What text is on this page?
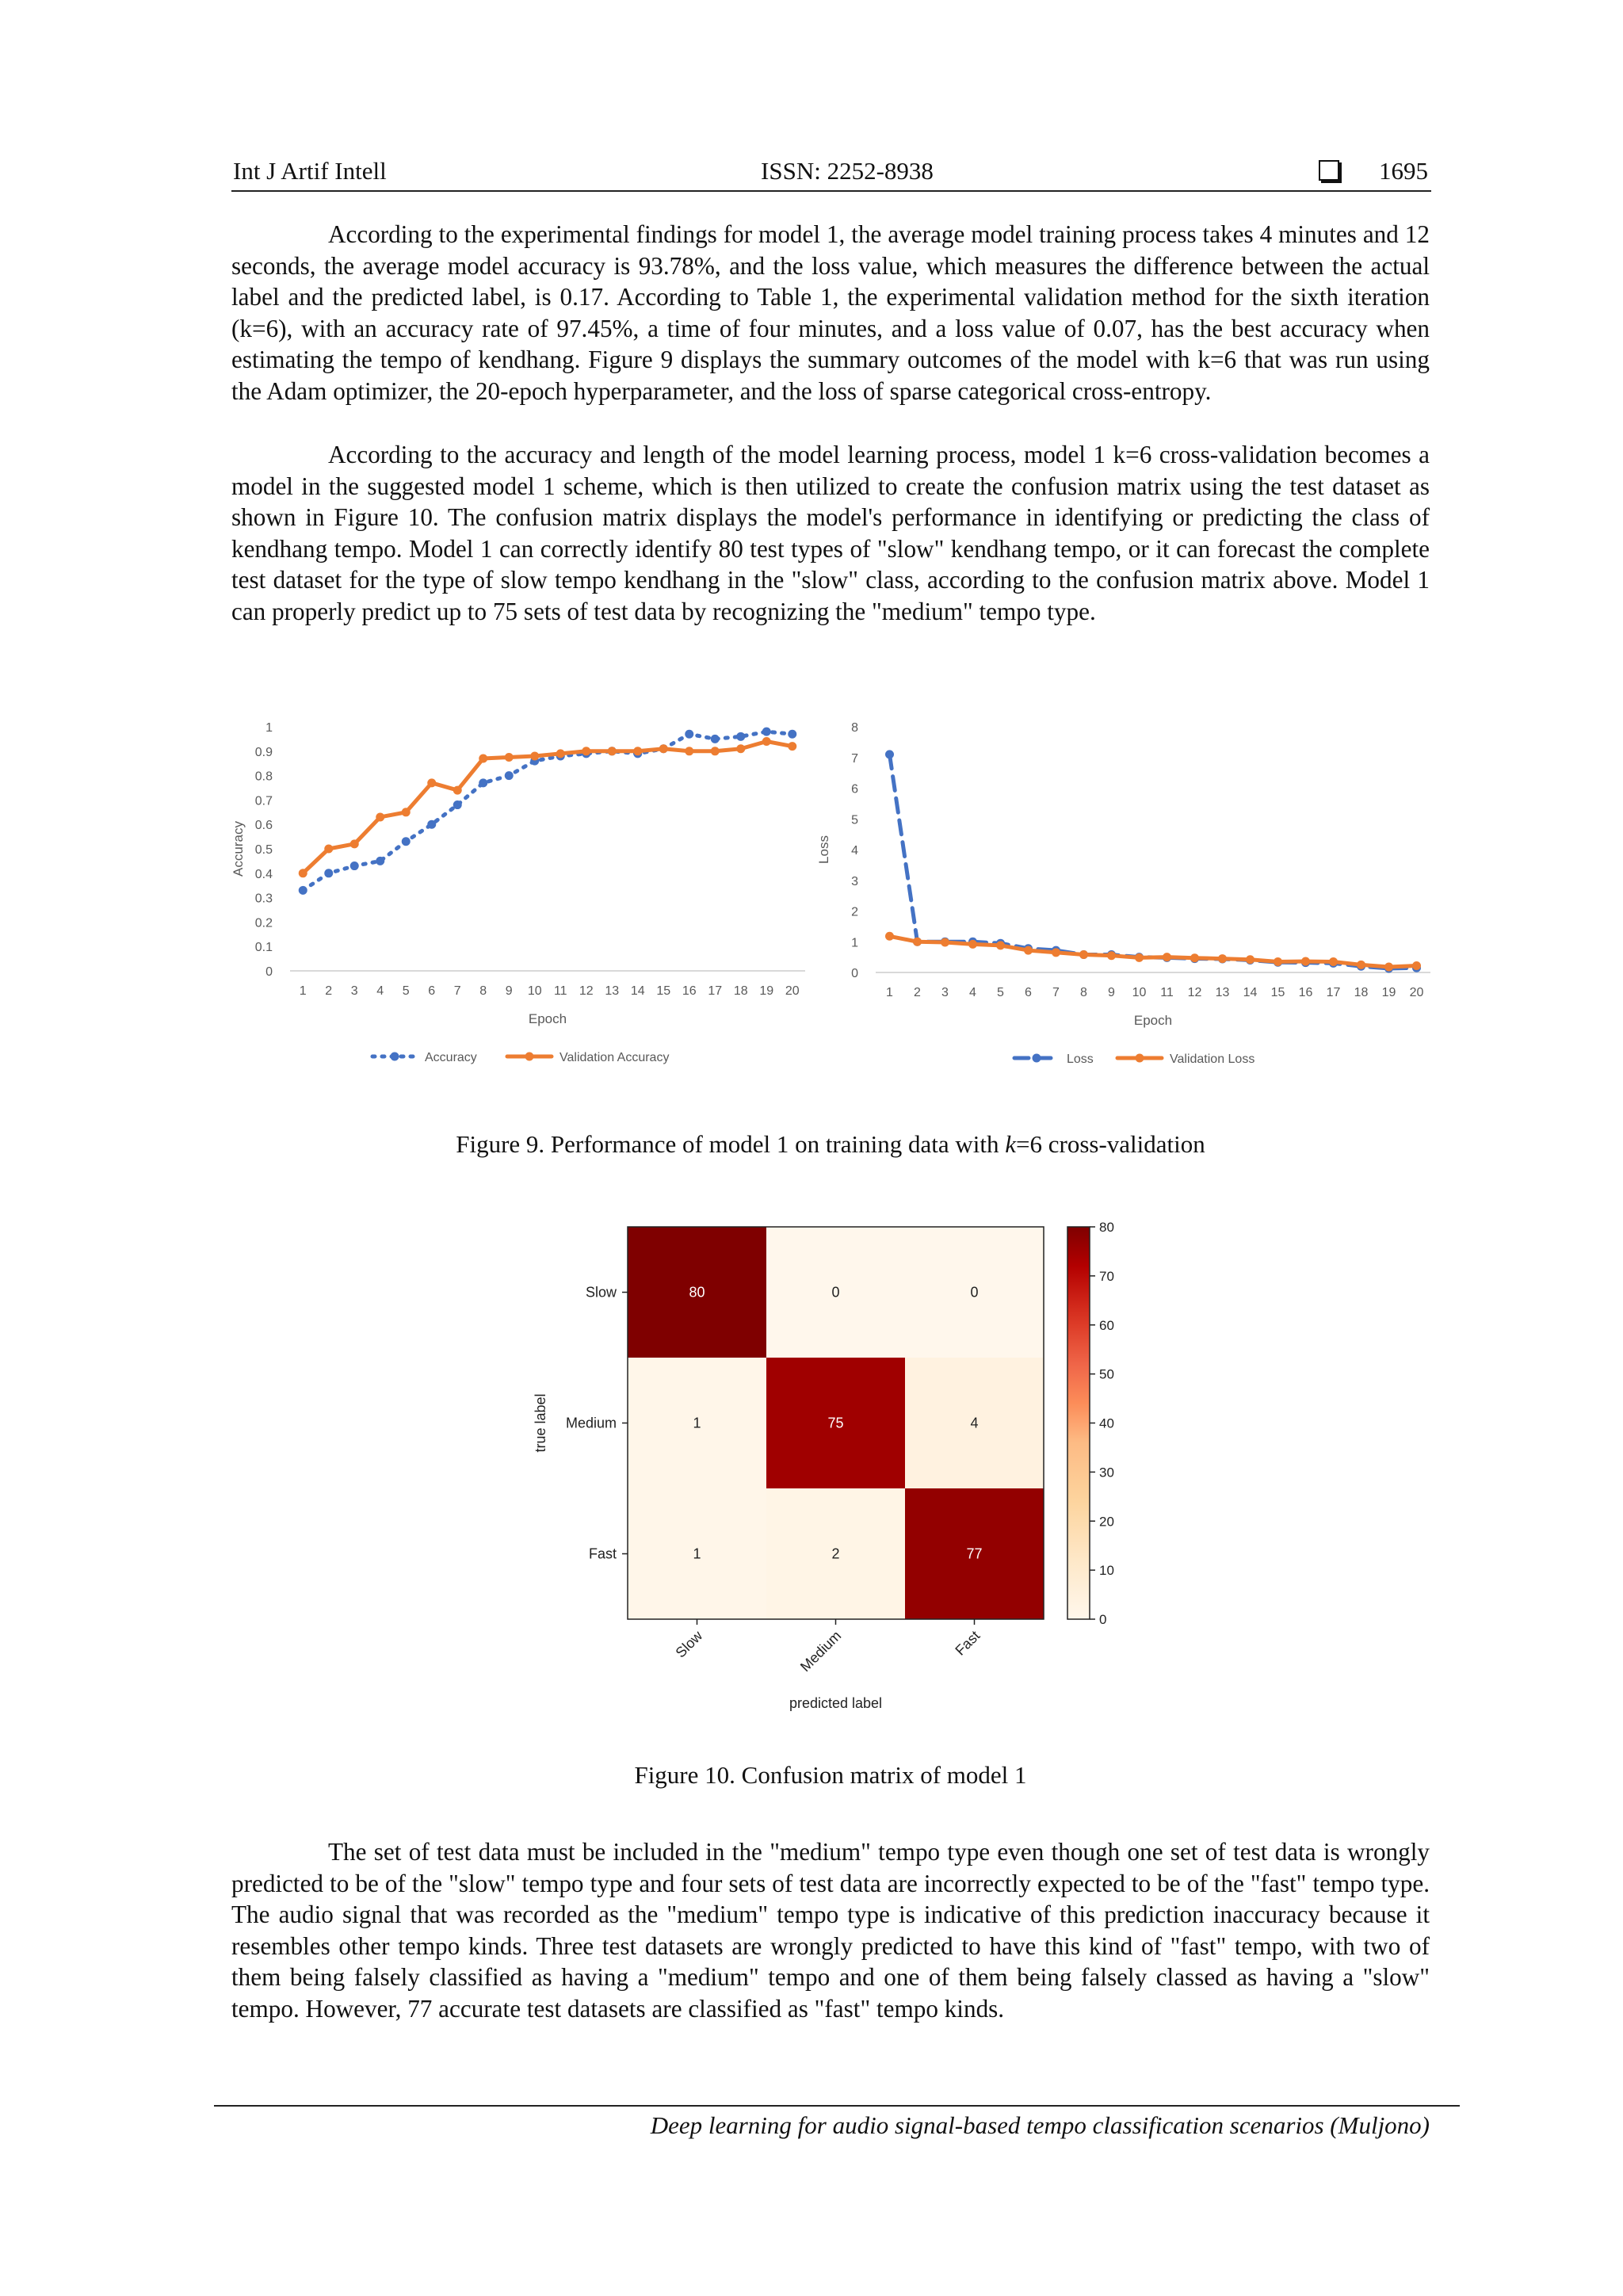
Int J Artif Intell	ISSN: 2252-8938	1695

According to the experimental findings for model 1, the average model training process takes 4 minutes and 12 seconds, the average model accuracy is 93.78%, and the loss value, which measures the difference between the actual label and the predicted label, is 0.17. According to Table 1, the experimental validation method for the sixth iteration (k=6), with an accuracy rate of 97.45%, a time of four minutes, and a loss value of 0.07, has the best accuracy when estimating the tempo of kendhang. Figure 9 displays the summary outcomes of the model with k=6 that was run using the Adam optimizer, the 20-epoch hyperparameter, and the loss of sparse categorical cross-entropy.

According to the accuracy and length of the model learning process, model 1 k=6 cross-validation becomes a model in the suggested model 1 scheme, which is then utilized to create the confusion matrix using the test dataset as shown in Figure 10. The confusion matrix displays the model's performance in identifying or predicting the class of kendhang tempo. Model 1 can correctly identify 80 test types of "slow" kendhang tempo, or it can forecast the complete test dataset for the type of slow tempo kendhang in the "slow" class, according to the confusion matrix above. Model 1 can properly predict up to 75 sets of test data by recognizing the "medium" tempo type.

0
0.1
0.2
0.3
0.4
0.5
0.6
0.7
0.8
0.9
1
1 2 3 4 5 6 7 8 9 10 11 12 13 14 15 16 17 18 19 20
Epoch
Accuracy
Accuracy	Validation Accuracy
0
1
2
3
4
5
6
7
8
1 2 3 4 5 6 7 8 9 10 11 12 13 14 15 16 17 18 19 20
Epoch
Loss
Loss	Validation Loss
Figure 9. Performance of model 1 on training data with k=6 cross-validation
80	0	0
1	75	4
1	2	77
Slow
Medium
Fast
Slow	Medium	Fast
predicted label
true label
0
10
20
30
40
50
60
70
80
Figure 10. Confusion matrix of model 1

The set of test data must be included in the "medium" tempo type even though one set of test data is wrongly predicted to be of the "slow" tempo type and four sets of test data are incorrectly expected to be of the "fast" tempo type. The audio signal that was recorded as the "medium" tempo type is indicative of this prediction inaccuracy because it resembles other tempo kinds. Three test datasets are wrongly predicted to have this kind of "fast" tempo, with two of them being falsely classified as having a "medium" tempo and one of them being falsely classed as having a "slow" tempo. However, 77 accurate test datasets are classified as "fast" tempo kinds.

Deep learning for audio signal-based tempo classification scenarios (Muljono)
